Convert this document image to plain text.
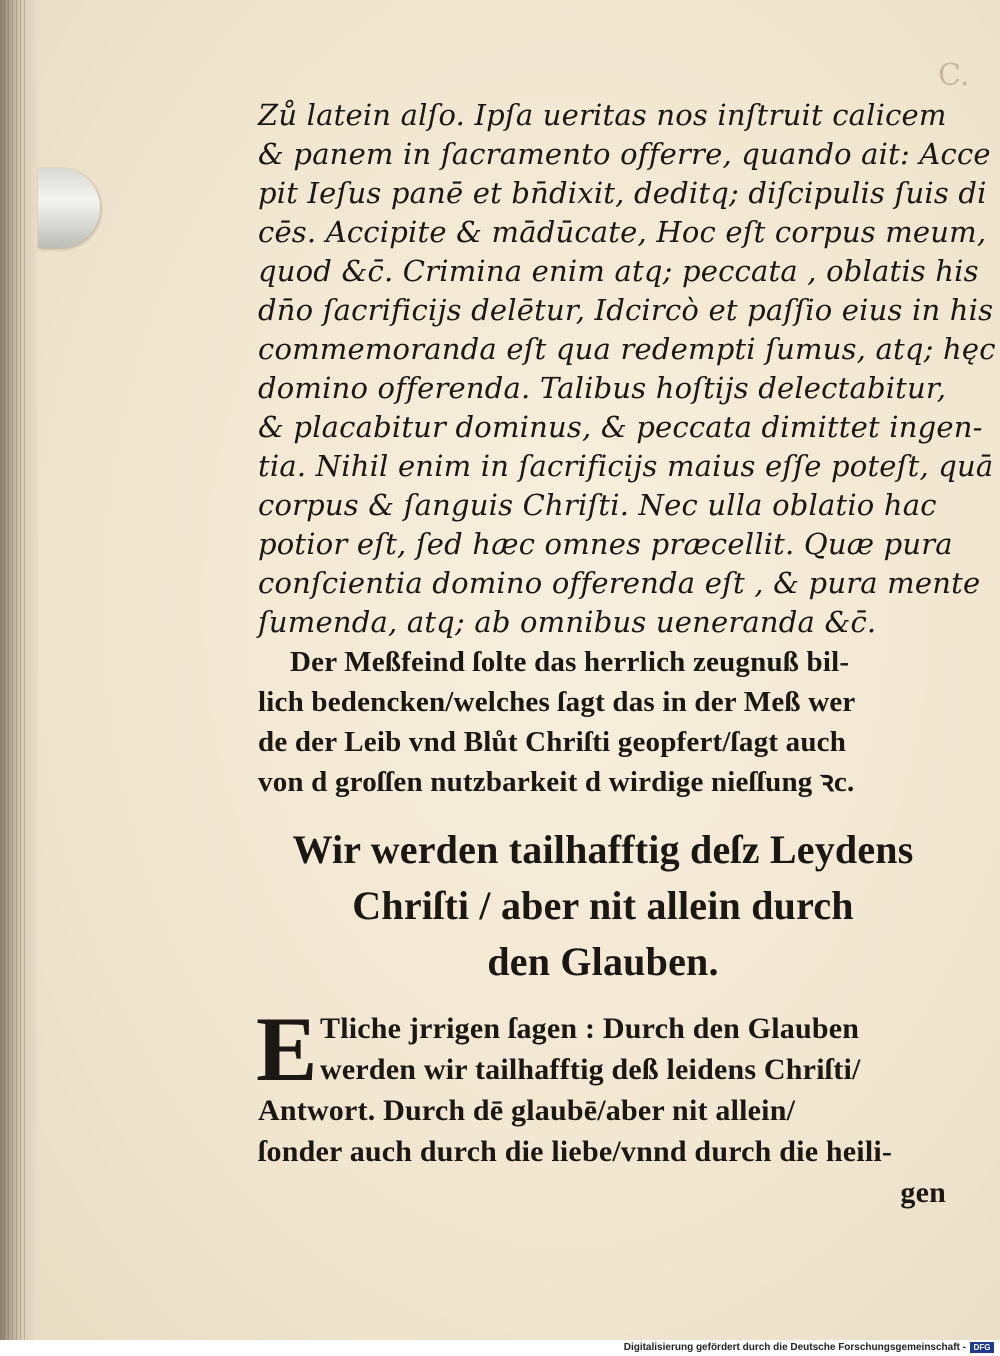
C.
Zů latein alſo. Ipſa ueritas nos inſtruit calicem
& panem in ſacramento offerre, quando ait: Acce
pit Ieſus panē et bn̄dixit, deditq; diſcipulis ſuis di
cēs. Accipite & mādūcate, Hoc eſt corpus meum,
quod &c̄. Crimina enim atq; peccata , oblatis his
dn̄o ſacrificijs delētur, Idcircò et paſſio eius in his
commemoranda eſt qua redempti ſumus, atq; hęc
domino offerenda. Talibus hoſtijs delectabitur,
& placabitur dominus, & peccata dimittet ingen-
tia. Nihil enim in ſacrificijs maius eſſe poteſt, quā
corpus & ſanguis Chriſti. Nec ulla oblatio hac
potior eſt, ſed hæc omnes præcellit. Quæ pura
conſcientia domino offerenda eſt , & pura mente
ſumenda, atq; ab omnibus ueneranda &c̄.
Der Meßfeind ſolte das herrlich zeugnuß bil-
lich bedencken/welches ſagt das in der Meß wer
de der Leib vnd Blůt Chriſti geopfert/ſagt auch
von d groſſen nutzbarkeit d wirdige nieſſung ꝛc.
Wir werden tailhafftig deſz Leydens
Chriſti / aber nit allein durch
den Glauben.
E Tliche jrrigen ſagen : Durch den Glauben
werden wir tailhafftig deß leidens Chriſti/
Antwort. Durch dē glaubē/aber nit allein/
ſonder auch durch die liebe/vnnd durch die heili-
gen
Digitalisierung gefördert durch die Deutsche Forschungsgemeinschaft - DFG
